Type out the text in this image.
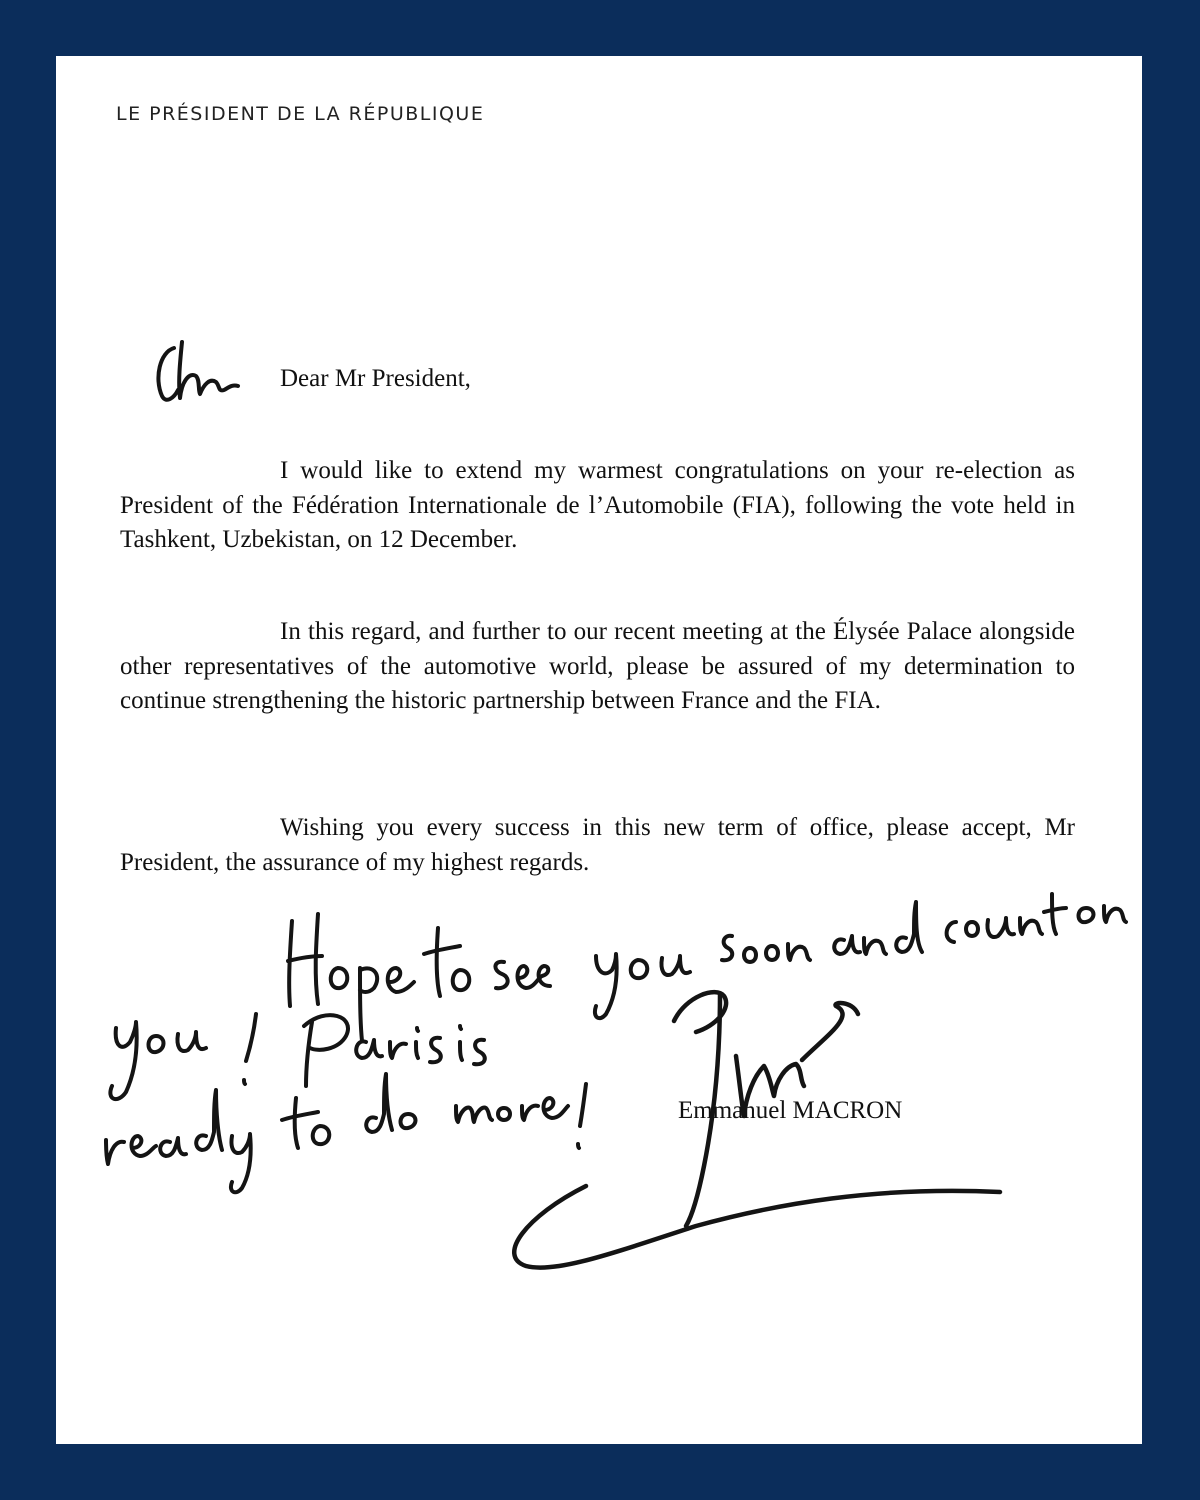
LE PRÉSIDENT DE LA RÉPUBLIQUE
Dear Mr President,
I would like to extend my warmest congratulations on your re-election as President of the Fédération Internationale de l’Automobile (FIA), following the vote held in Tashkent, Uzbekistan, on 12 December.
In this regard, and further to our recent meeting at the Élysée Palace alongside other representatives of the automotive world, please be assured of my determination to continue strengthening the historic partnership between France and the FIA.
Wishing you every success in this new term of office, please accept, Mr President, the assurance of my highest regards.
Emmanuel MACRON
